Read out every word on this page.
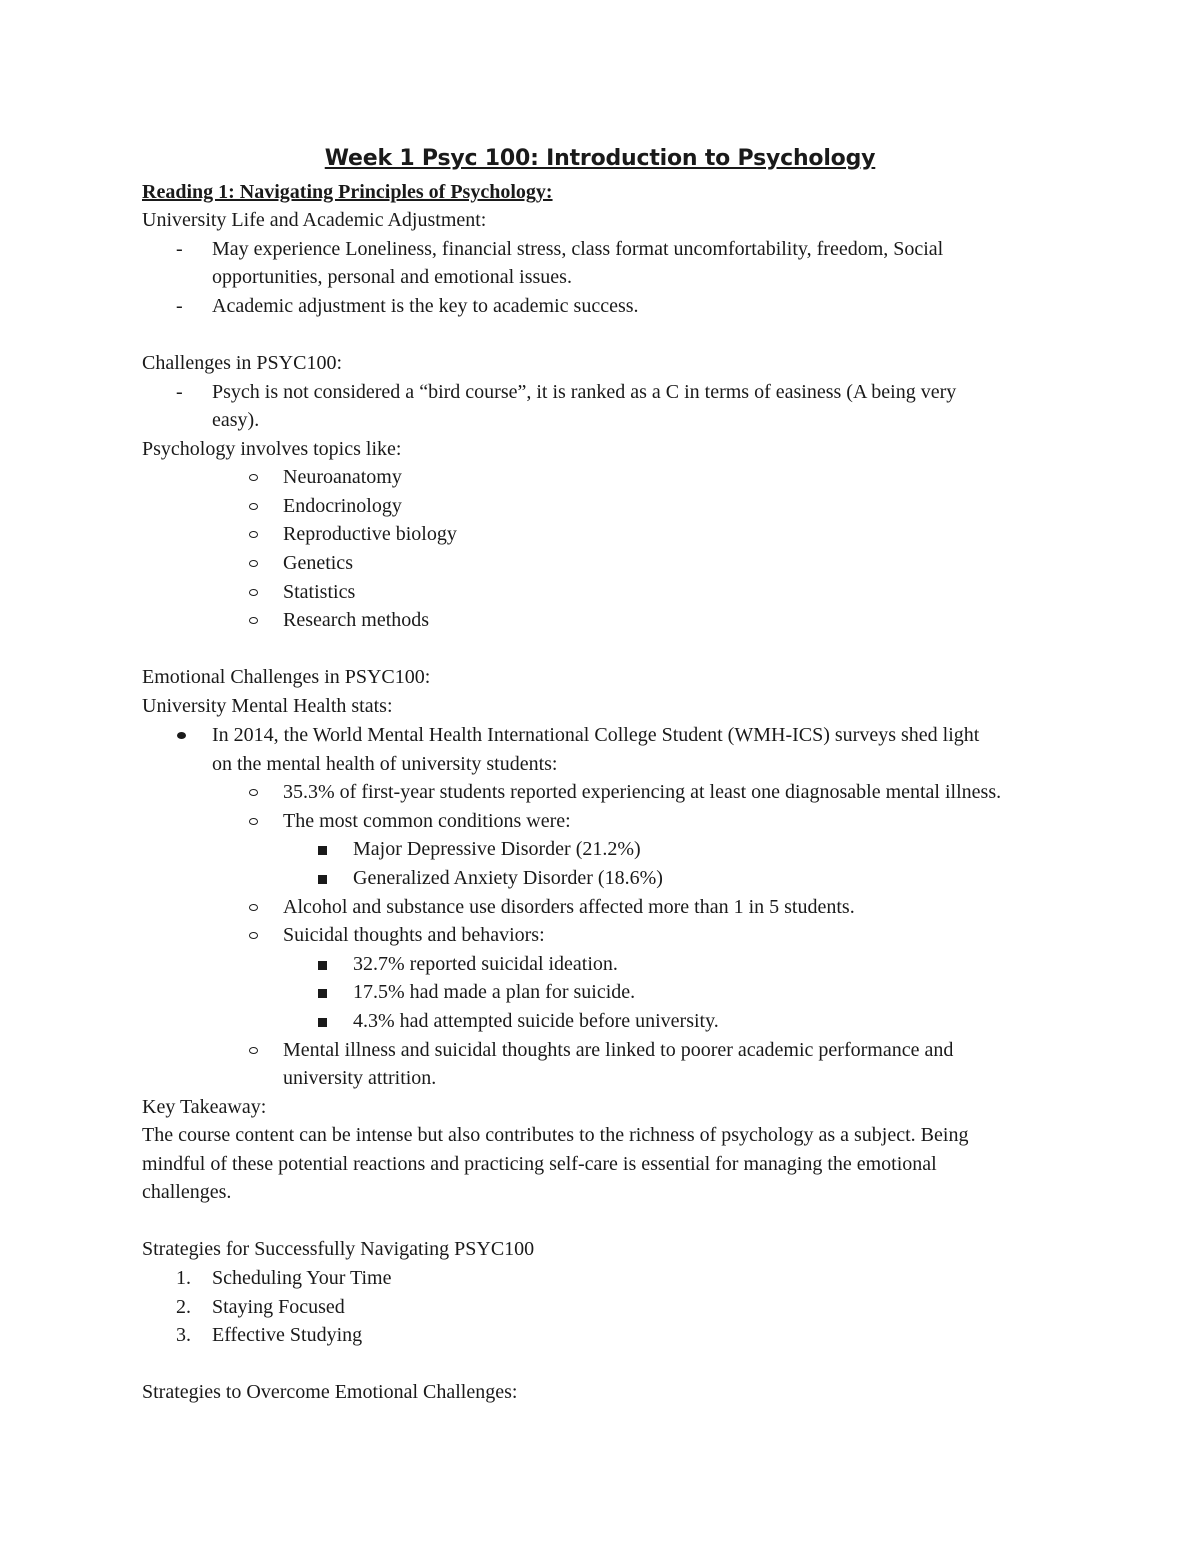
Week 1 Psyc 100: Introduction to Psychology
Reading 1: Navigating Principles of Psychology:
University Life and Academic Adjustment:
- May experience Loneliness, financial stress, class format uncomfortability, freedom, Social
opportunities, personal and emotional issues.
- Academic adjustment is the key to academic success.
Challenges in PSYC100:
- Psych is not considered a “bird course”, it is ranked as a C in terms of easiness (A being very
easy).
Psychology involves topics like:
Neuroanatomy
Endocrinology
Reproductive biology
Genetics
Statistics
Research methods
Emotional Challenges in PSYC100:
University Mental Health stats:
In 2014, the World Mental Health International College Student (WMH-ICS) surveys shed light
on the mental health of university students:
35.3% of first-year students reported experiencing at least one diagnosable mental illness.
The most common conditions were:
Major Depressive Disorder (21.2%)
Generalized Anxiety Disorder (18.6%)
Alcohol and substance use disorders affected more than 1 in 5 students.
Suicidal thoughts and behaviors:
32.7% reported suicidal ideation.
17.5% had made a plan for suicide.
4.3% had attempted suicide before university.
Mental illness and suicidal thoughts are linked to poorer academic performance and
university attrition.
Key Takeaway:
The course content can be intense but also contributes to the richness of psychology as a subject. Being
mindful of these potential reactions and practicing self-care is essential for managing the emotional
challenges.
Strategies for Successfully Navigating PSYC100
1. Scheduling Your Time
2. Staying Focused
3. Effective Studying
Strategies to Overcome Emotional Challenges:
